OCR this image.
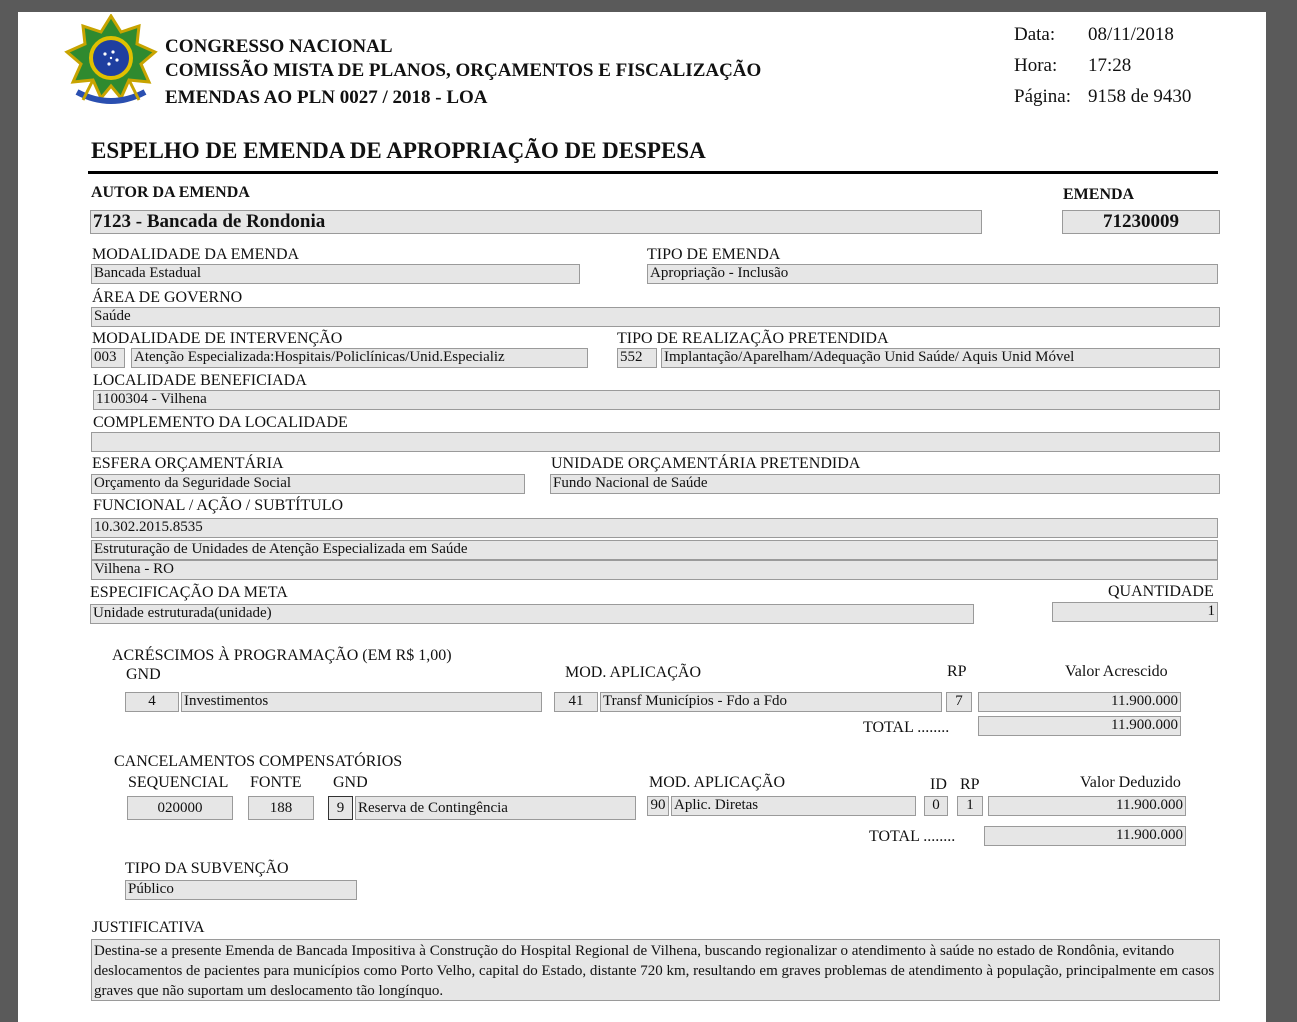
CONGRESSO NACIONAL
COMISSÃO MISTA DE PLANOS, ORÇAMENTOS E FISCALIZAÇÃO
EMENDAS AO PLN 0027 / 2018 - LOA
Data: 08/11/2018
Hora: 17:28
Página: 9158 de 9430
ESPELHO DE EMENDA DE APROPRIAÇÃO DE DESPESA
AUTOR DA EMENDA
7123 - Bancada de Rondonia
EMENDA
71230009
MODALIDADE DA EMENDA
Bancada Estadual
TIPO DE EMENDA
Apropriação - Inclusão
ÁREA DE GOVERNO
Saúde
MODALIDADE DE INTERVENÇÃO
003	Atenção Especializada:Hospitais/Policlínicas/Unid.Especializ
TIPO DE REALIZAÇÃO PRETENDIDA
552	Implantação/Aparelham/Adequação Unid Saúde/ Aquis Unid Móvel
LOCALIDADE BENEFICIADA
1100304 - Vilhena
COMPLEMENTO DA LOCALIDADE
ESFERA ORÇAMENTÁRIA
Orçamento da Seguridade Social
UNIDADE ORÇAMENTÁRIA PRETENDIDA
Fundo Nacional de Saúde
FUNCIONAL / AÇÃO / SUBTÍTULO
10.302.2015.8535
Estruturação de Unidades de Atenção Especializada em Saúde
Vilhena - RO
ESPECIFICAÇÃO DA META
Unidade estruturada(unidade)
QUANTIDADE
1
ACRÉSCIMOS À PROGRAMAÇÃO (EM R$ 1,00)
GND	MOD. APLICAÇÃO	RP	Valor Acrescido
4	Investimentos	41	Transf Municípios - Fdo a Fdo	7	11.900.000
TOTAL ........	11.900.000
CANCELAMENTOS COMPENSATÓRIOS
SEQUENCIAL FONTE GND	MOD. APLICAÇÃO	ID RP	Valor Deduzido
020000	188	9 Reserva de Contingência	90 Aplic. Diretas	0	1	11.900.000
TOTAL ........	11.900.000
TIPO DA SUBVENÇÃO
Público
JUSTIFICATIVA
Destina-se a presente Emenda de Bancada Impositiva à Construção do Hospital Regional de Vilhena, buscando regionalizar o atendimento à saúde no estado de Rondônia, evitando deslocamentos de pacientes para municípios como Porto Velho, capital do Estado, distante 720 km, resultando em graves problemas de atendimento à população, principalmente em casos graves que não suportam um deslocamento tão longínquo.
